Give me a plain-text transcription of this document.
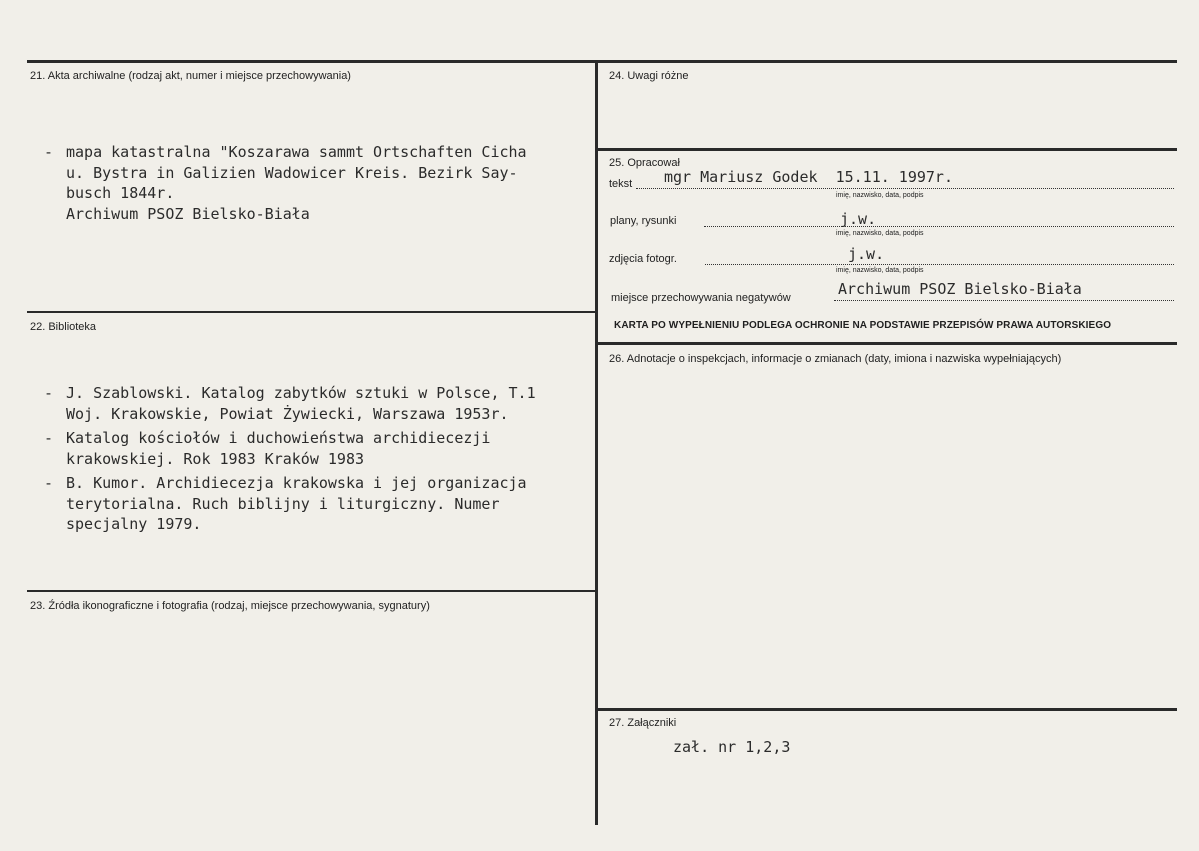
21. Akta archiwalne (rodzaj akt, numer i miejsce przechowywania)

- mapa katastralna "Koszarawa sammt Ortschaften Cicha
u. Bystra in Galizien Wadowicer Kreis. Bezirk Say-
busch 1844r.
Archiwum PSOZ Bielsko-Biała

22. Biblioteka

- J. Szablowski. Katalog zabytków sztuki w Polsce, T.1
Woj. Krakowskie, Powiat Żywiecki, Warszawa 1953r.
- Katalog kościołów i duchowieństwa archidiecezji
krakowskiej. Rok 1983 Kraków 1983
- B. Kumor. Archidiecezja krakowska i jej organizacja
terytorialna. Ruch biblijny i liturgiczny. Numer
specjalny 1979.

23. Źródła ikonograficzne i fotografia (rodzaj, miejsce przechowywania, sygnatury)
24. Uwagi różne
25. Opracował
tekst mgr Mariusz Godek  15.11. 1997r.
imię, nazwisko, data, podpis
plany, rysunki	j.w.
imię, nazwisko, data, podpis
zdjęcia fotogr.	j.w.
imię, nazwisko, data, podpis
miejsce przechowywania negatywów	Archiwum PSOZ Bielsko-Biała
KARTA PO WYPEŁNIENIU PODLEGA OCHRONIE NA PODSTAWIE PRZEPISÓW PRAWA AUTORSKIEGO
26. Adnotacje o inspekcjach, informacje o zmianach (daty, imiona i nazwiska wypełniających)
27. Załączniki
zał. nr 1,2,3
